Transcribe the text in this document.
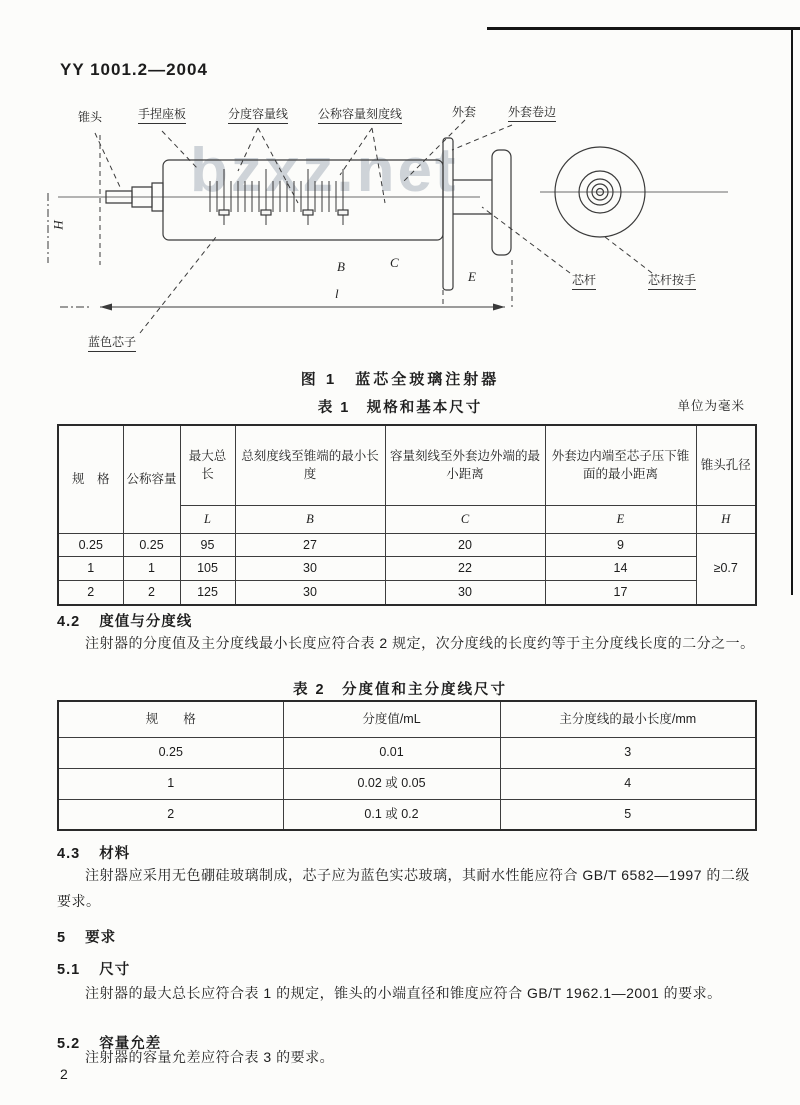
YY 1001.2—2004
bzxz.net
锥头	手捏座板	分度容量线 公称容量刻度线	外套	外套卷边
蓝色芯子
芯杆	芯杆按手
l
B	C
E
H
图 1　蓝芯全玻璃注射器
表 1　规格和基本尺寸	单位为毫米
规　格	公称容量	最大总长	总刻度线至锥端的最小长度	容量刻线至外套边外端的最小距离	外套边内端至芯子压下锥面的最小距离	锥头孔径
		L	B	C	E	H
0.25	0.25	95	27	20	9	≥0.7
1	1	105	30	22	14	
2	2	125	30	30	17	
4.2 度值与分度线
注射器的分度值及主分度线最小长度应符合表 2 规定，次分度线的长度约等于主分度线长度的二分之一。
表 2　分度值和主分度线尺寸
规　　格	分度值/mL	主分度线的最小长度/mm
0.25	0.01	3
1	0.02 或 0.05	4
2	0.1 或 0.2	5
4.3 材料
注射器应采用无色硼硅玻璃制成，芯子应为蓝色实芯玻璃，其耐水性能应符合 GB/T 6582—1997 的二级要求。
5 要求
5.1 尺寸
注射器的最大总长应符合表 1 的规定，锥头的小端直径和锥度应符合 GB/T 1962.1—2001 的要求。
5.2 容量允差
注射器的容量允差应符合表 3 的要求。
2
